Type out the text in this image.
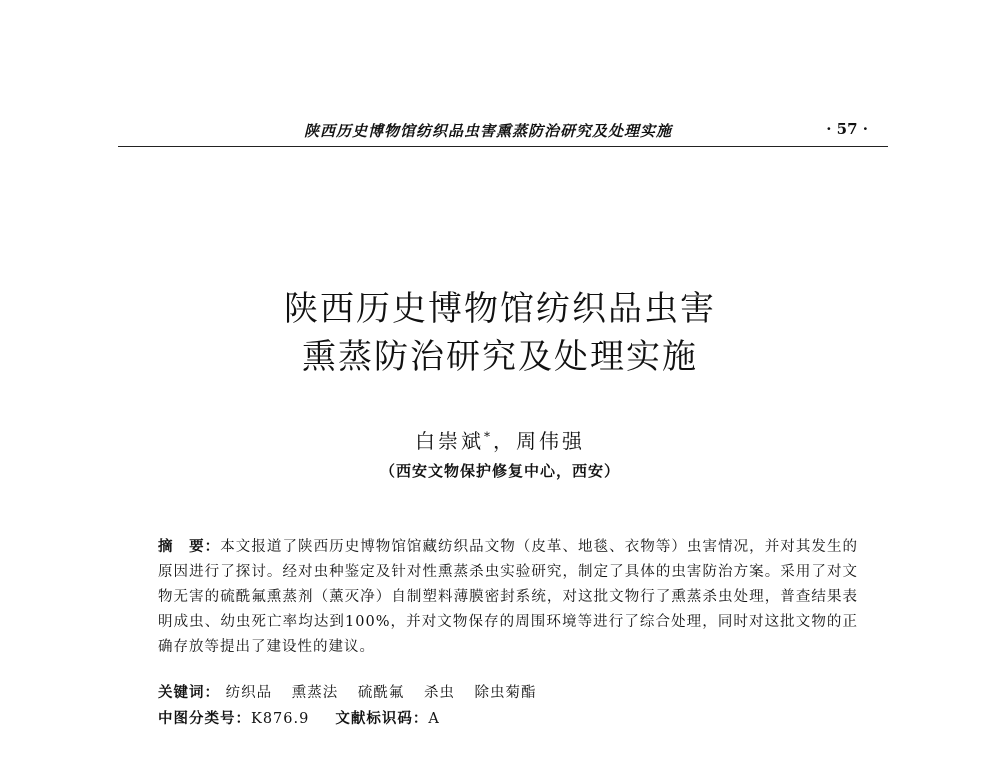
陕西历史博物馆纺织品虫害熏蒸防治研究及处理实施	· 57 ·
陕西历史博物馆纺织品虫害
熏蒸防治研究及处理实施
白崇斌*，周伟强
（西安文物保护修复中心，西安）

摘　要：本文报道了陕西历史博物馆馆藏纺织品文物（皮革、地毯、衣物等）虫害情况，并对其发生的原因进行了探讨。经对虫种鉴定及针对性熏蒸杀虫实验研究，制定了具体的虫害防治方案。采用了对文物无害的硫酰氟熏蒸剂（薰灭净）自制塑料薄膜密封系统，对这批文物行了熏蒸杀虫处理，普查结果表明成虫、幼虫死亡率均达到100%，并对文物保存的周围环境等进行了综合处理，同时对这批文物的正确存放等提出了建设性的建议。

关键词： 纺织品 熏蒸法 硫酰氟 杀虫 除虫菊酯
中图分类号：K876.9 文献标识码：A
